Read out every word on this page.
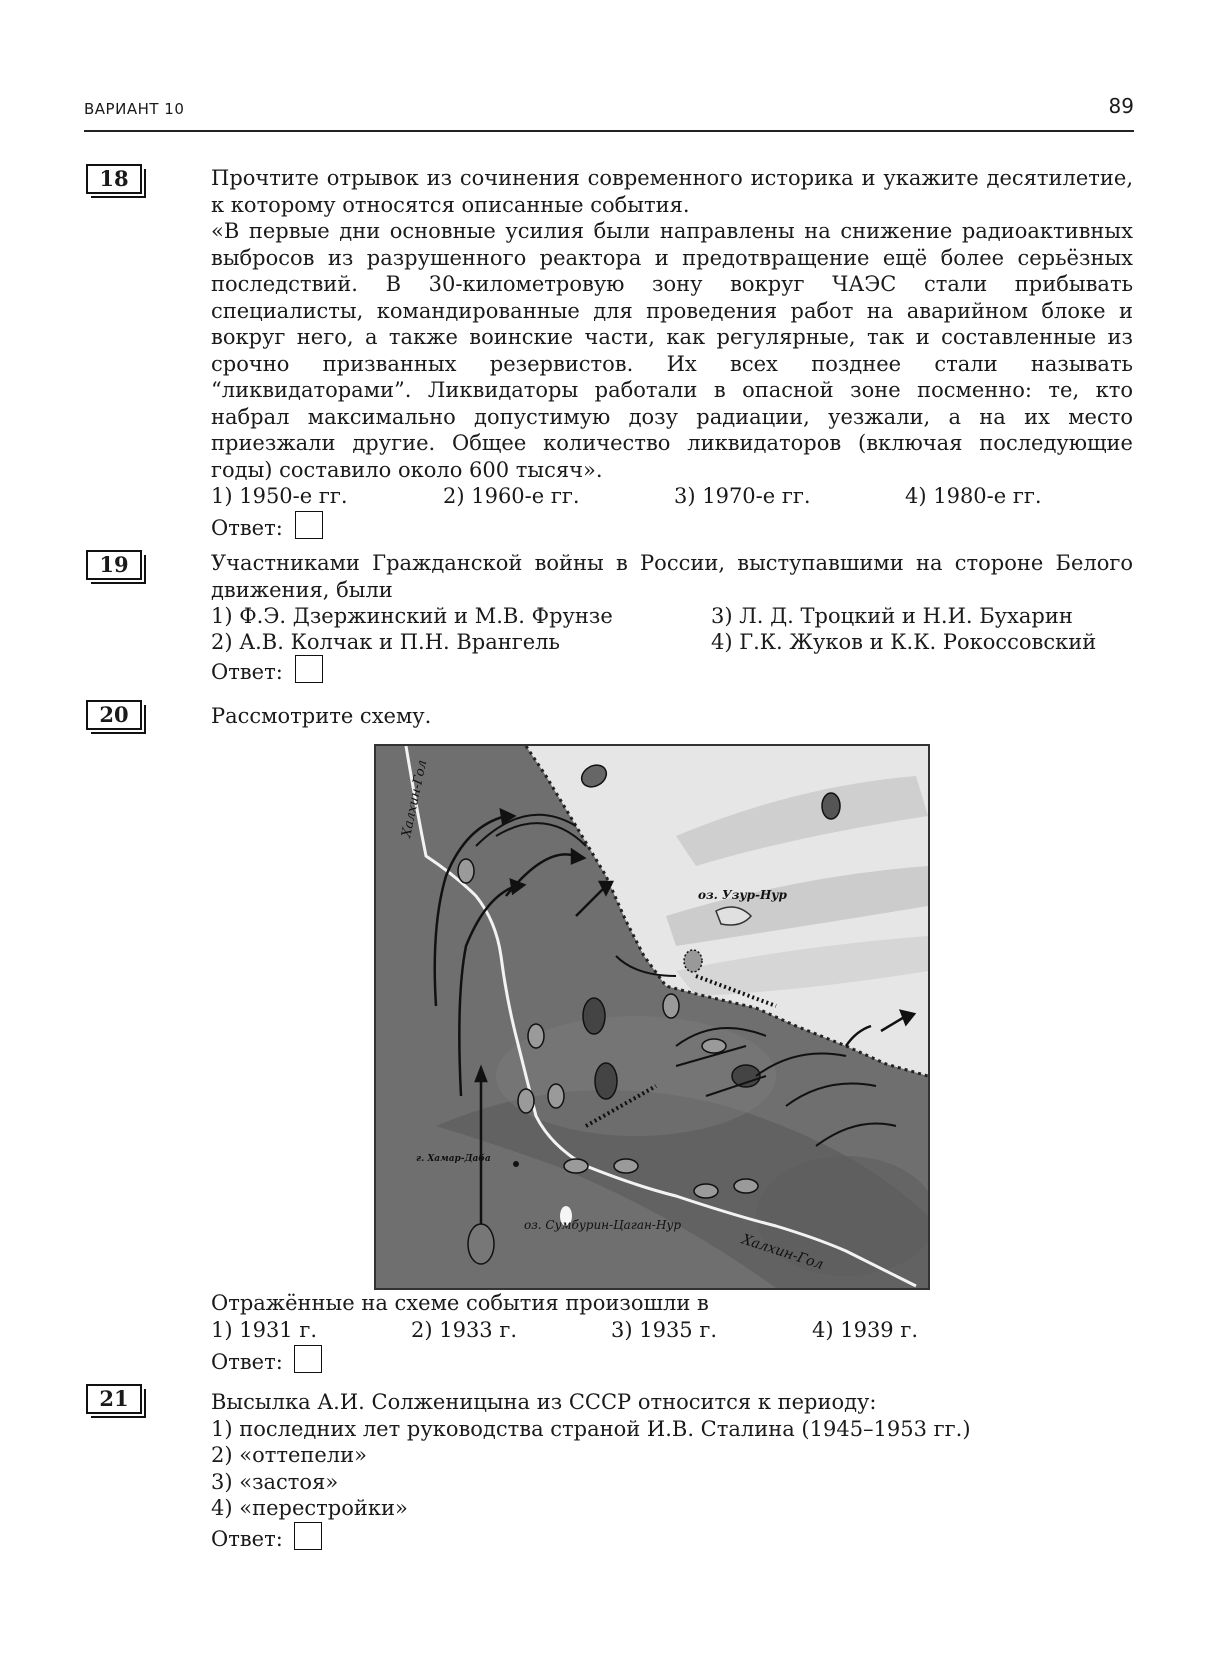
ВАРИАНТ 10	89
18	Прочтите отрывок из сочинения современного историка и укажите десятилетие, к которому относятся описанные события.

«В первые дни основные усилия были направлены на снижение радиоактивных выбросов из разрушенного реактора и предотвращение ещё более серьёзных последствий. В 30-километровую зону вокруг ЧАЭС стали прибывать специалисты, командированные для проведения работ на аварийном блоке и вокруг него, а также воинские части, как регулярные, так и составленные из срочно призванных резервистов. Их всех позднее стали называть “ликвидаторами”. Ликвидаторы работали в опасной зоне посменно: те, кто набрал максимально допустимую дозу радиации, уезжали, а на их место приезжали другие. Общее количество ликвидаторов (включая последующие годы) составило около 600 тысяч».

1) 1950-е гг.	2) 1960-е гг.	3) 1970-е гг.	4) 1980-е гг.
Ответ:
19	Участниками Гражданской войны в России, выступавшими на стороне Белого движения, были

1) Ф.Э. Дзержинский и М.В. Фрунзе
2) А.В. Колчак и П.Н. Врангель
3) Л. Д. Троцкий и Н.И. Бухарин
4) Г.К. Жуков и К.К. Рокоссовский
Ответ:
20	Рассмотрите схему.
Халхин-Гол
оз. Узур-Нур
г. Хамар-Даба
оз. Сумбурин-Цаган-Нур
Халхин-Гол

Отражённые на схеме события произошли в

1) 1931 г.	2) 1933 г.	3) 1935 г.	4) 1939 г.
Ответ:
21	Высылка А.И. Солженицына из СССР относится к периоду:

1) последних лет руководства страной И.В. Сталина (1945–1953 гг.)

2) «оттепели»

3) «застоя»

4) «перестройки»

Ответ:
